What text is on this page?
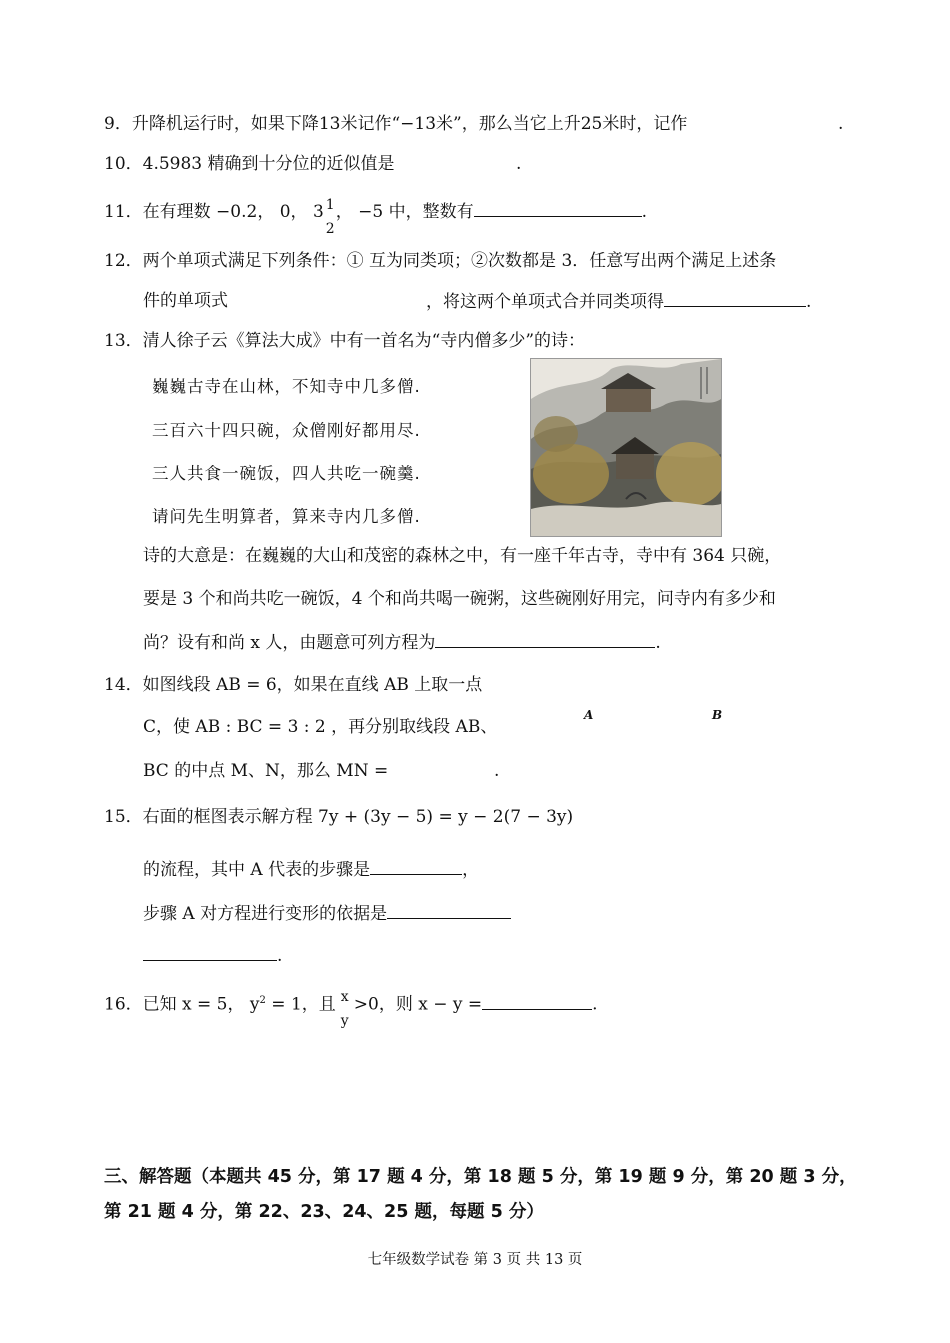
9．升降机运行时，如果下降13米记作“−13米”，那么当它上升25米时，记作	.
10．4.5983 精确到十分位的近似值是	.
11．在有理数 −0.2， 0， 3 1
2
， −5 中，整数有	.
12．两个单项式满足下列条件：① 互为同类项；②次数都是 3．任意写出两个满足上述条
件的单项式	，将这两个单项式合并同类项得	.
13．清人徐子云《算法大成》中有一首名为“寺内僧多少”的诗：
巍巍古寺在山林，不知寺中几多僧.
三百六十四只碗，众僧刚好都用尽.
三人共食一碗饭，四人共吃一碗羹.
请问先生明算者，算来寺内几多僧.
诗的大意是：在巍巍的大山和茂密的森林之中，有一座千年古寺，寺中有 364 只碗，
要是 3 个和尚共吃一碗饭，4 个和尚共喝一碗粥，这些碗刚好用完，问寺内有多少和
尚？设有和尚 x 人，由题意可列方程为	.
14．如图线段 AB = 6，如果在直线 AB 上取一点
C，使 AB : BC = 3 : 2 ，再分别取线段 AB、
BC 的中点 M、N，那么 MN =	.
A	B
15．右面的框图表示解方程 7y + (3y − 5) = y − 2(7 − 3y)
的流程，其中 A 代表的步骤是	，
步骤 A 对方程进行变形的依据是
.
16．已知 x = 5， $y^2 = 1$，且 x
y
>0，则 x − y =	.
三、解答题（本题共 45 分，第 17 题 4 分，第 18 题 5 分，第 19 题 9 分，第 20 题 3 分，
第 21 题 4 分，第 22、23、24、25 题，每题 5 分）
七年级数学试卷 第 3 页 共 13 页
